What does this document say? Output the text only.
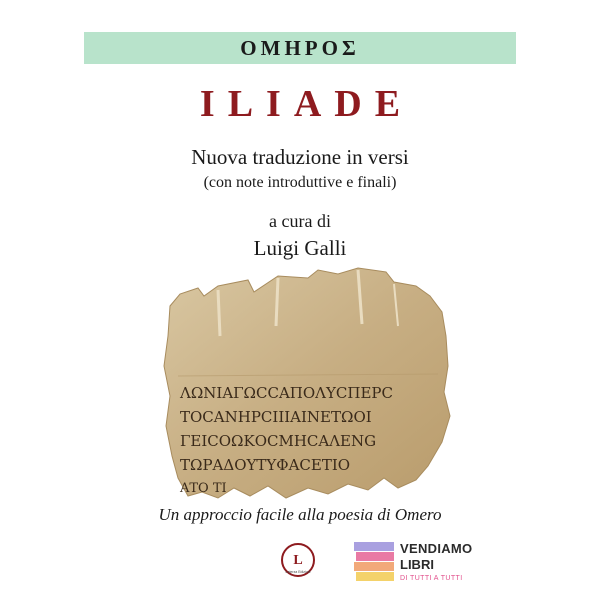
ΟΜΗΡΟΣ
ILIADE
Nuova traduzione in versi
(con note introduttive e finali)
a cura di
Luigi Galli
ΛΩΝΙΑΓΩCCΑΠΟΛΥCΠΕΡC
ΤΟCΑΝΗΡCΙΙΙΑΙΝΕΤΩΟΙ
ΓΕΙCΟΩΚΟCΜΗCΑΛΕΝG
ΤΩΡΑΔΟΥΤΥΦΑCΕΤΙΟ
ΑΤΟ ΤΙ
Un approccio facile alla poesia di Omero
L
Laterza Edizioni
VENDIAMO
LIBRI
DI TUTTI A TUTTI
